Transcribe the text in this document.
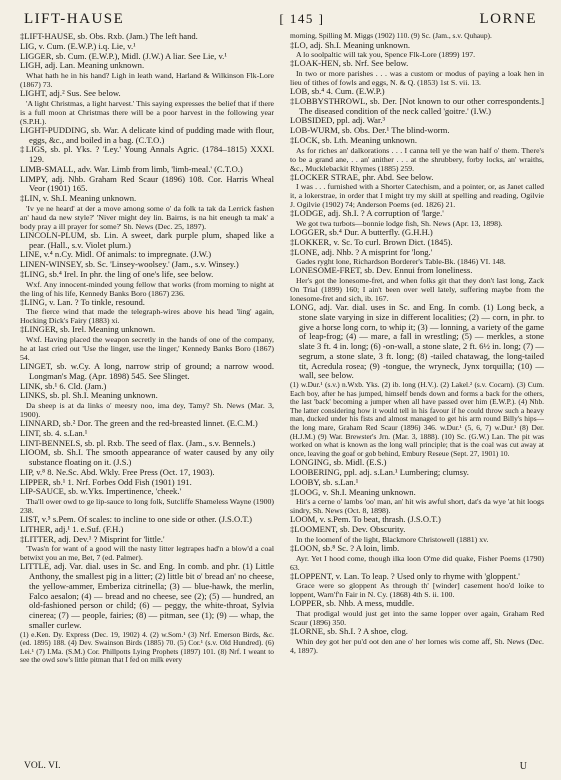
LIFT-HAUSE	[ 145 ]	LORNE

‡LIFT-HAUSE, sb. Obs. Rxb. (Jam.) The left hand.

LIG, v. Cum. (E.W.P.) i.q. Lie, v.¹

LIGGER, sb. Cum. (E.W.P.), Midl. (J.W.) A liar. See Lie, v.¹

LIGH, adj. Lan. Meaning unknown.

What hath he in his hand? Ligh in leath wand, Harland & Wilkinson Flk-Lore (1867) 73.

LIGHT, adj.² Sus. See below.

'A light Christmas, a light harvest.' This saying expresses the belief that if there is a full moon at Christmas there will be a poor harvest in the following year (S.P.H.).

LIGHT-PUDDING, sb. War. A delicate kind of pudding made with flour, eggs, &c., and boiled in a bag. (C.T.O.)

‡LIGS, sb. pl. Yks. ? 'Ley.' Young Annals Agric. (1784–1815) XXXI. 129.

LIMB-SMALL, adv. War. Limb from limb, 'limb-meal.' (C.T.O.)

LIMPY, adj. Nhb. Graham Red Scaur (1896) 108. Cor. Harris Wheal Veor (1901) 165.

‡LIN, v. Sh.I. Meaning unknown.

'Iv ye ne heard' at der a move among some o' da folk ta tak da Lerrick fashen an' haud da new style?' 'Niver might dey lin. Bairns, is na hit eneugh ta mak' a body pray a ill prayer for some?' Sh. News (Dec. 25, 1897).

LINCOLN-PLUM, sb. Lin. A sweet, dark purple plum, shaped like a pear. (Hall., s.v. Violet plum.)

LINE, v.⁴ n.Cy. Midl. Of animals: to impregnate. (J.W.)

LINEN-WINSEY, sb. Sc. 'Linsey-woolsey.' (Jam., s.v. Winsey.)

‡LING, sb.⁴ Irel. In phr. the ling of one's life, see below.

Wxf. Any innocent-minded young fellow that works (from morning to night at the ling of his life, Kennedy Banks Boro (1867) 236.

‡LING, v. Lan. ? To tinkle, resound.

The fierce wind that made the telegraph-wires above his head 'ling' again, Hocking Dick's Fairy (1883) xi.

‡LINGER, sb. Irel. Meaning unknown.

Wxf. Having placed the weapon secretly in the hands of one of the company, he at last cried out 'Use the linger, use the linger,' Kennedy Banks Boro (1867) 54.

LINGET, sb. w.Cy. A long, narrow strip of ground; a narrow wood. Longman's Mag. (Apr. 1898) 545. See Slinget.

LINK, sb.¹ 6. Cld. (Jam.)

LINKS, sb. pl. Sh.I. Meaning unknown.

Da sheep is at da links o' meesry noo, ima dey, Tamy? Sh. News (Mar. 3, 1900).

LINNARD, sb.² Dor. The green and the red-breasted linnet. (E.C.M.)

LINT, sb. 4. s.Lan.¹

LINT-BENNELS, sb. pl. Rxb. The seed of flax. (Jam., s.v. Bennels.)

LIOOM, sb. Sh.I. The smooth appearance of water caused by any oily substance floating on it. (J.S.)

LIP, v.⁸ 8. Ne.Sc. Abd. Wkly. Free Press (Oct. 17, 1903).

LIPPER, sb.¹ 1. Nrf. Forbes Odd Fish (1901) 191.

LIP-SAUCE, sb. w.Yks. Impertinence, 'cheek.'

Tha'll ower owd to ge lip-sauce to long folk, Sutcliffe Shameless Wayne (1900) 238.

LIST, v.⁵ s.Pem. Of scales: to incline to one side or other. (J.S.O.T.)

LITHER, adj.¹ 1. e.Suf. (F.H.)

‡LITTER, adj. Dev.¹ ? Misprint for 'little.'

'Twas'n for want of a good will the nasty litter legtrapes had'n a blow'd a coal betwixt you an me, Bet, 7 (ed. Palmer).

LITTLE, adj. Var. dial. uses in Sc. and Eng. In comb. and phr. (1) Little Anthony, the smallest pig in a litter; (2) little bit o' bread an' no cheese, the yellow-ammer, Emberiza citrinella; (3) — blue-hawk, the merlin, Falco aesalon; (4) — bread and no cheese, see (2); (5) — hundred, an old-fashioned person or child; (6) — peggy, the white-throat, Sylvia cinerea; (7) — people, fairies; (8) — pitman, see (1); (9) — whap, the smaller curlew.

(1) e.Ken. Dy. Express (Dec. 19, 1902) 4. (2) w.Som.¹ (3) Nrf. Emerson Birds, &c. (ed. 1895) 188. (4) Dev. Swainson Birds (1885) 70. (5) Cor.¹ (s.v. Old Hundred). (6) Lei.¹ (7) I.Ma. (S.M.) Cor. Phillpotts Lying Prophets (1897) 101. (8) Nrf. I weant to see the owd sow's little pitman that I fed on milk every

morning, Spilling M. Miggs (1902) 110. (9) Sc. (Jam., s.v. Quhaup).

‡LO, adj. Sh.I. Meaning unknown.

A lo soolpaltic will tak you, Spence Flk-Lore (1899) 197.

‡LOAK-HEN, sb. Nrf. See below.

In two or more parishes . . . was a custom or modus of paying a loak hen in lieu of tithes of fowls and eggs, N. & Q. (1853) 1st S. vii. 13.

LOB, sb.⁴ 4. Cum. (E.W.P.)

‡LOBBYSTHROWL, sb. Der. [Not known to our other correspondents.] The diseased condition of the neck called 'goitre.' (I.W.)

LOBSIDED, ppl. adj. War.³

LOB-WURM, sb. Obs. Der.¹ The blind-worm.

‡LOCK, sb. Lth. Meaning unknown.

As for riches an' dalkorations . . . I canna tell ye the wan half o' them. There's to be a grand ane, . . an' anither . . . at the shrubbery, forby locks, an' wraiths, &c., Mucklebackit Rhymes (1885) 259.

‡LOCKER STRAE, phr. Abd. See below.

I was . . . furnished with a Shorter Catechism, and a pointer, or, as Janet called it, a lokerstrae, in order that I might try my skill at spelling and reading, Ogilvie J. Ogilvie (1902) 74; Anderson Poems (ed. 1826) 21.

‡LODGE, adj. Sh.I. ? A corruption of 'large.'

We got twa turbots—bonnie lodge fish, Sh. News (Apr. 13, 1898).

LOGGER, sb.⁴ Dur. A butterfly. (G.H.H.)

‡LOKKER, v. Sc. To curl. Brown Dict. (1845).

‡LONE, adj. Nhb. ? A misprint for 'long.'

Gades ryght lone, Richardson Borderer's Table-Bk. (1846) VI. 148.

LONESOME-FRET, sb. Dev. Ennui from loneliness.

Her's got the lonesome-fret, and when folks git that they don't last long, Zack On Trial (1899) 160; I ain't been over well lately, suffering maybe from the lonesome-fret and sich, ib. 167.

LONG, adj. Var. dial. uses in Sc. and Eng. In comb. (1) Long beck, a stone slate varying in size in different localities; (2) — corn, in phr. to give a horse long corn, to whip it; (3) — lonning, a variety of the game of leap-frog; (4) — mare, a fall in wrestling; (5) — merkles, a stone slate 3 ft. 4 in. long; (6) -on-wall, a stone slate, 2 ft. 6½ in. long; (7) — segrum, a stone slate, 3 ft. long; (8) -tailed chatawag, the long-tailed tit, Acredula rosea; (9) -tongue, the wryneck, Jynx torquilla; (10) — wall, see below.

(1) w.Dur.¹ (s.v.) n.Wxb. Yks. (2) ib. long (H.V.). (2) Lakel.² (s.v. Cocarn). (3) Cum. Each boy, after he has jumped, himself bends down and forms a back for the others, the last 'back' becoming a jumper when all have passed over him (E.W.P.). (4) Nhb. The latter considering how it would tell in his favour if he could throw such a heavy man, ducked under his fists and almost managed to get his arm round Billy's hips—the long mare, Graham Red Scaur (1896) 346. w.Dur.¹ (5, 6, 7) w.Dur.¹ (8) Der. (H.J.M.) (9) War. Brewster's Jrn. (Mar. 3, 1888). (10) Sc. (G.W.) Lan. The pit was worked on what is known as the long wall principle; that is the coal was cut away at once, leaving the goaf or gob behind, Embury Reseue (Sept. 27, 1901) 10.

LONGING, sb. Midl. (E.S.)

LOOBERING, ppl. adj. s.Lan.¹ Lumbering; clumsy.

LOOBY, sb. s.Lan.¹

‡LOOG, v. Sh.I. Meaning unknown.

Hit's a cerne o' lambs 'oo' man, an' hit wis awful short, dat's da wye 'at hit loogs sindry, Sh. News (Oct. 8, 1898).

LOOM, v. s.Pem. To beat, thrash. (J.S.O.T.)

‡LOOMENT, sb. Dev. Obscurity.

In the loomenf of the light, Blackmore Christowell (1881) xv.

‡LOON, sb.⁸ Sc. ? A loin, limb.

Ayr. Yet I hood come, though ilka loon O'me did quake, Fisher Poems (1790) 63.

‡LOPPENT, v. Lan. To leap. ? Used only to rhyme with 'gloppent.'

Grace were so gloppent As through th' [winder] casement hoo'd loike to loppent, Warn'f'n Fair in N. Cy. (1868) 4th S. ii. 100.

LOPPER, sb. Nhb. A mess, muddle.

That prodigal would just get into the same lopper over again, Graham Red Scaur (1896) 350.

‡LORNE, sb. Sh.I. ? A shoe, clog.

Whin dey got her pu'd oot den ane o' her lornes wis come aff, Sh. News (Dec. 4, 1897).

VOL. VI.	U
